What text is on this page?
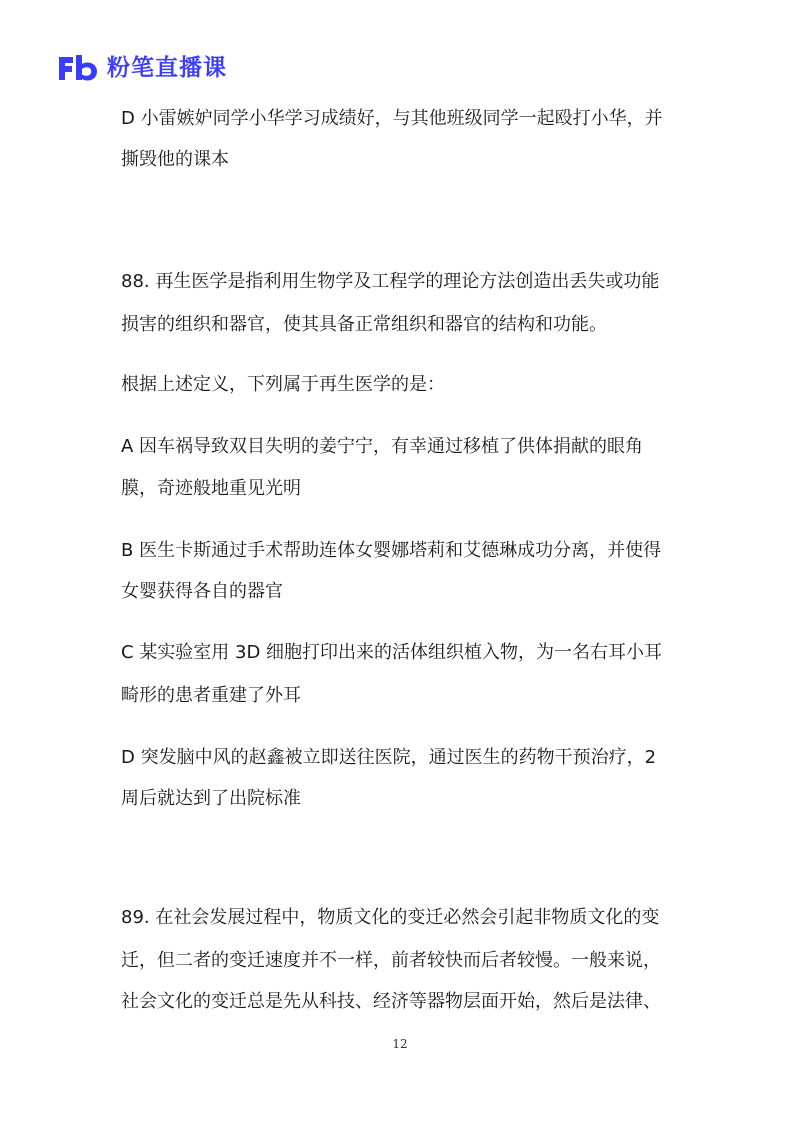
粉笔直播课
D 小雷嫉妒同学小华学习成绩好，与其他班级同学一起殴打小华，并
撕毁他的课本
88. 再生医学是指利用生物学及工程学的理论方法创造出丢失或功能
损害的组织和器官，使其具备正常组织和器官的结构和功能。
根据上述定义，下列属于再生医学的是：
A 因车祸导致双目失明的姜宁宁，有幸通过移植了供体捐献的眼角
膜，奇迹般地重见光明
B 医生卡斯通过手术帮助连体女婴娜塔莉和艾德琳成功分离，并使得
女婴获得各自的器官
C 某实验室用 3D 细胞打印出来的活体组织植入物，为一名右耳小耳
畸形的患者重建了外耳
D 突发脑中风的赵鑫被立即送往医院，通过医生的药物干预治疗，2
周后就达到了出院标准
89. 在社会发展过程中，物质文化的变迁必然会引起非物质文化的变
迁，但二者的变迁速度并不一样，前者较快而后者较慢。一般来说，
社会文化的变迁总是先从科技、经济等器物层面开始，然后是法律、
12
